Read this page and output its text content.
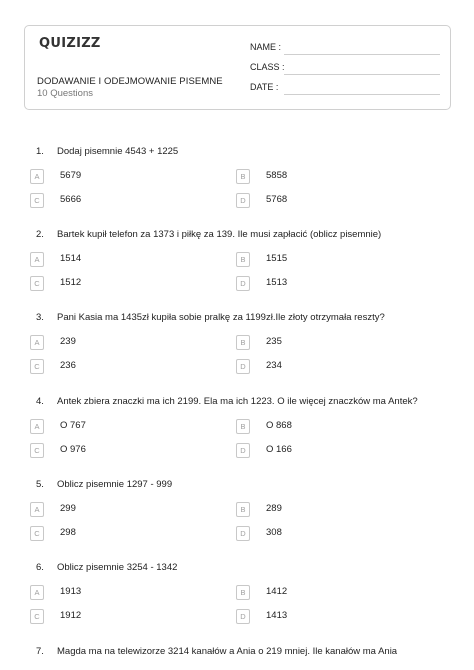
QUIZIZZ
DODAWANIE I ODEJMOWANIE PISEMNE
10 Questions
NAME :
CLASS :
DATE :
1. Dodaj pisemnie 4543 + 1225
A	5679	B	5858
C	5666	D	5768
2. Bartek kupił telefon za 1373 i piłkę za 139. Ile musi zapłacić (oblicz pisemnie)
A	1514	B	1515
C	1512	D	1513
3. Pani Kasia ma 1435zł kupiła sobie pralkę za 1199zł.Ile złoty otrzymała reszty?
A	239	B	235
C	236	D	234
4. Antek zbiera znaczki ma ich 2199. Ela ma ich 1223. O ile więcej znaczków ma Antek?
A	O 767	B	O 868
C	O 976	D	O 166
5. Oblicz pisemnie 1297 - 999
A	299	B	289
C	298	D	308
6. Oblicz pisemnie 3254 - 1342
A	1913	B	1412
C	1912	D	1413
7. Magda ma na telewizorze 3214 kanałów a Ania o 219 mniej. Ile kanałów ma Ania
